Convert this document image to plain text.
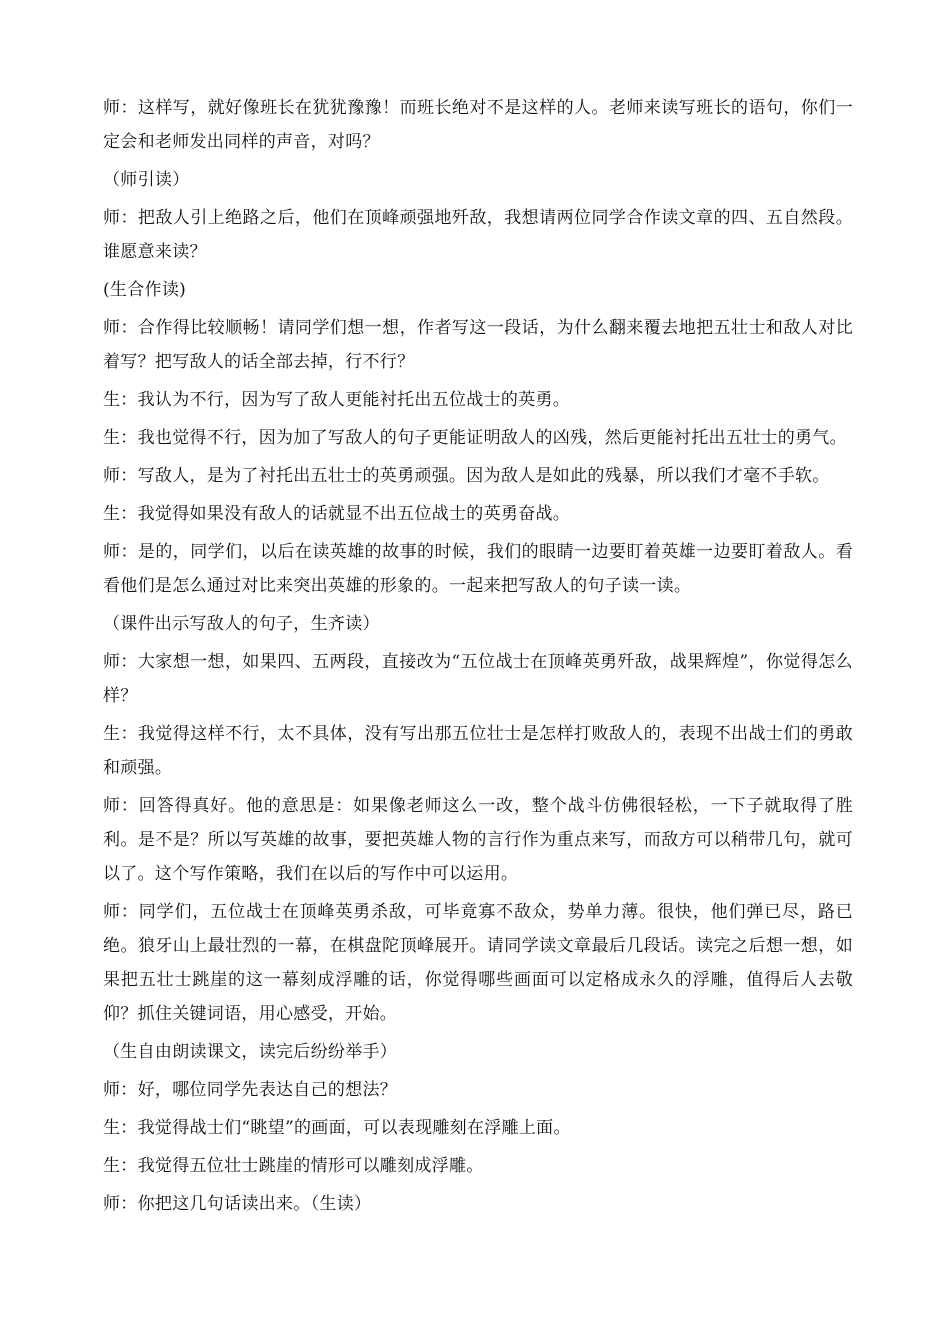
师：这样写，就好像班长在犹犹豫豫！而班长绝对不是这样的人。老师来读写班长的语句，你们一定会和老师发出同样的声音，对吗？

（师引读）

师：把敌人引上绝路之后，他们在顶峰顽强地歼敌，我想请两位同学合作读文章的四、五自然段。谁愿意来读？

(生合作读)

师：合作得比较顺畅！请同学们想一想，作者写这一段话，为什么翻来覆去地把五壮士和敌人对比着写？把写敌人的话全部去掉，行不行？

生：我认为不行，因为写了敌人更能衬托出五位战士的英勇。

生：我也觉得不行，因为加了写敌人的句子更能证明敌人的凶残，然后更能衬托出五壮士的勇气。

师：写敌人，是为了衬托出五壮士的英勇顽强。因为敌人是如此的残暴，所以我们才毫不手软。

生：我觉得如果没有敌人的话就显不出五位战士的英勇奋战。

师：是的，同学们，以后在读英雄的故事的时候，我们的眼睛一边要盯着英雄一边要盯着敌人。看看他们是怎么通过对比来突出英雄的形象的。一起来把写敌人的句子读一读。

（课件出示写敌人的句子，生齐读）

师：大家想一想，如果四、五两段，直接改为“五位战士在顶峰英勇歼敌，战果辉煌”，你觉得怎么样？

生：我觉得这样不行，太不具体，没有写出那五位壮士是怎样打败敌人的，表现不出战士们的勇敢和顽强。

师：回答得真好。他的意思是：如果像老师这么一改，整个战斗仿佛很轻松，一下子就取得了胜利。是不是？所以写英雄的故事，要把英雄人物的言行作为重点来写，而敌方可以稍带几句，就可以了。这个写作策略，我们在以后的写作中可以运用。

师：同学们，五位战士在顶峰英勇杀敌，可毕竟寡不敌众，势单力薄。很快，他们弹已尽，路已绝。狼牙山上最壮烈的一幕，在棋盘陀顶峰展开。请同学读文章最后几段话。读完之后想一想，如果把五壮士跳崖的这一幕刻成浮雕的话，你觉得哪些画面可以定格成永久的浮雕，值得后人去敬仰？抓住关键词语，用心感受，开始。

（生自由朗读课文，读完后纷纷举手）

师：好，哪位同学先表达自己的想法？

生：我觉得战士们“眺望”的画面，可以表现雕刻在浮雕上面。

生：我觉得五位壮士跳崖的情形可以雕刻成浮雕。

师：你把这几句话读出来。（生读）
